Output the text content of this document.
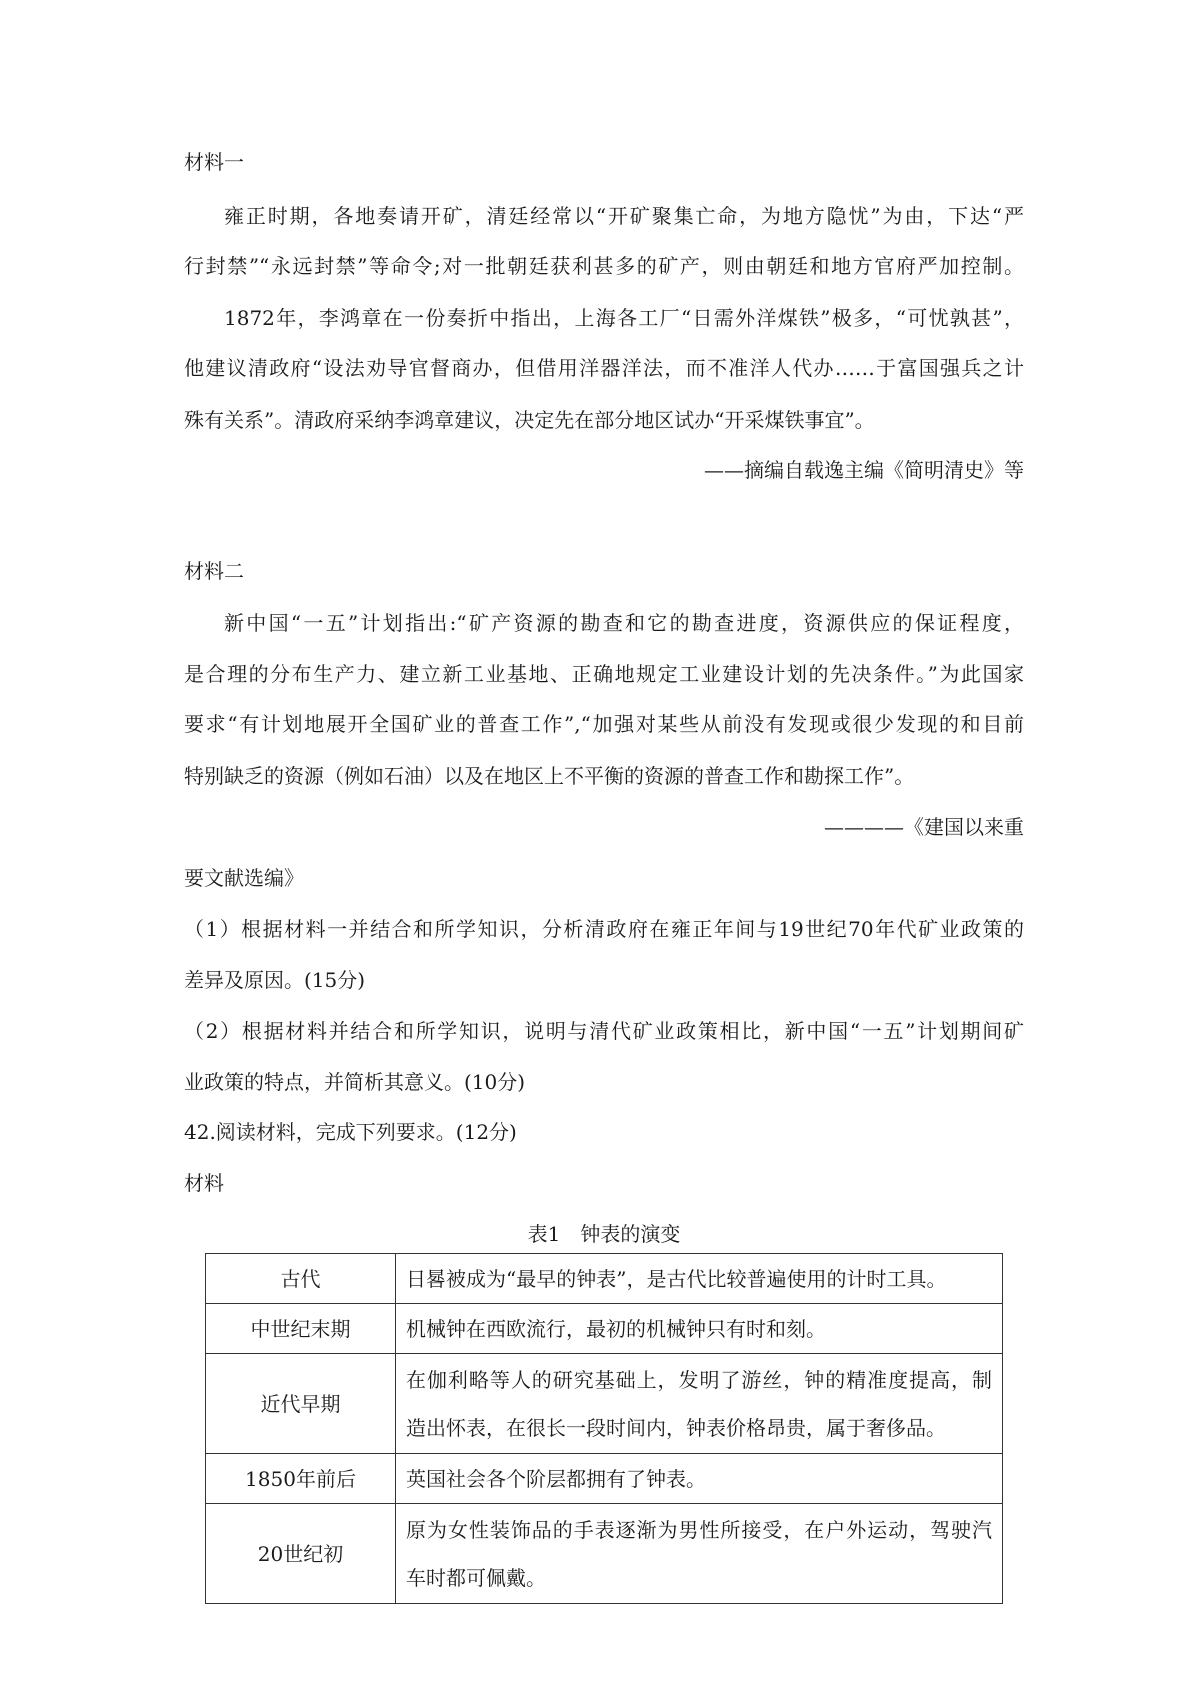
材料一
雍正时期，各地奏请开矿，清廷经常以“开矿聚集亡命，为地方隐忧”为由，下达“严
行封禁”“永远封禁”等命令;对一批朝廷获利甚多的矿产，则由朝廷和地方官府严加控制。
1872年，李鸿章在一份奏折中指出，上海各工厂“日需外洋煤铁”极多，“可忧孰甚”，
他建议清政府“设法劝导官督商办，但借用洋器洋法，而不准洋人代办……于富国强兵之计
殊有关系”。清政府采纳李鸿章建议，决定先在部分地区试办“开采煤铁事宜”。
——摘编自载逸主编《简明清史》等
材料二
新中国“一五”计划指出:“矿产资源的勘查和它的勘查进度，资源供应的保证程度，
是合理的分布生产力、建立新工业基地、正确地规定工业建设计划的先决条件。”为此国家
要求“有计划地展开全国矿业的普查工作”,“加强对某些从前没有发现或很少发现的和目前
特别缺乏的资源（例如石油）以及在地区上不平衡的资源的普查工作和勘探工作”。
————《建国以来重
要文献选编》
（1）根据材料一并结合和所学知识，分析清政府在雍正年间与19世纪70年代矿业政策的
差异及原因。(15分)
（2）根据材料并结合和所学知识，说明与清代矿业政策相比，新中国“一五”计划期间矿
业政策的特点，并简析其意义。(10分)
42.阅读材料，完成下列要求。(12分)
材料
表1　钟表的演变
古代	日晷被成为“最早的钟表”，是古代比较普遍使用的计时工具。

中世纪末期	机械钟在西欧流行，最初的机械钟只有时和刻。

近代早期	在伽利略等人的研究基础上，发明了游丝，钟的精准度提高，制
造出怀表，在很长一段时间内，钟表价格昂贵，属于奢侈品。

1850年前后	英国社会各个阶层都拥有了钟表。

20世纪初	原为女性装饰品的手表逐渐为男性所接受，在户外运动，驾驶汽
车时都可佩戴。
